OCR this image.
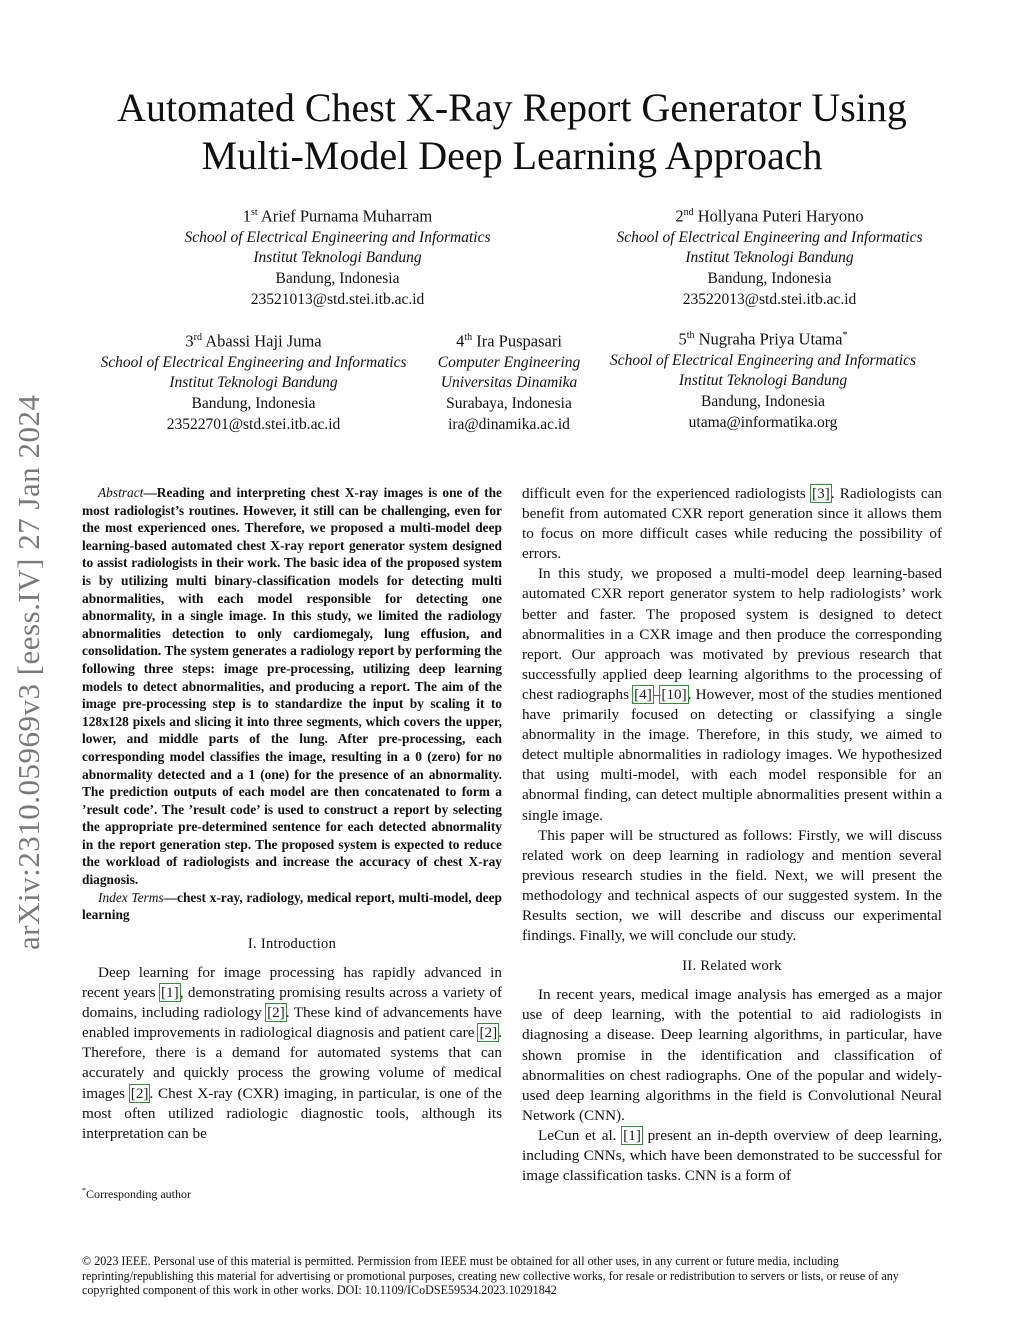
Automated Chest X-Ray Report Generator Using
Multi-Model Deep Learning Approach
arXiv:2310.05969v3 [eess.IV] 27 Jan 2024
1st Arief Purnama Muharram
School of Electrical Engineering and Informatics
Institut Teknologi Bandung
Bandung, Indonesia
23521013@std.stei.itb.ac.id
2nd Hollyana Puteri Haryono
School of Electrical Engineering and Informatics
Institut Teknologi Bandung
Bandung, Indonesia
23522013@std.stei.itb.ac.id
3rd Abassi Haji Juma
School of Electrical Engineering and Informatics
Institut Teknologi Bandung
Bandung, Indonesia
23522701@std.stei.itb.ac.id
4th Ira Puspasari
Computer Engineering
Universitas Dinamika
Surabaya, Indonesia
ira@dinamika.ac.id
5th Nugraha Priya Utama*
School of Electrical Engineering and Informatics
Institut Teknologi Bandung
Bandung, Indonesia
utama@informatika.org

Abstract—Reading and interpreting chest X-ray images is one of the most radiologist’s routines. However, it still can be challenging, even for the most experienced ones. Therefore, we proposed a multi-model deep learning-based automated chest X-ray report generator system designed to assist radiologists in their work. The basic idea of the proposed system is by utilizing multi binary-classification models for detecting multi abnormalities, with each model responsible for detecting one abnormality, in a single image. In this study, we limited the radiology abnormalities detection to only cardiomegaly, lung effusion, and consolidation. The system generates a radiology report by performing the following three steps: image pre-processing, utilizing deep learning models to detect abnormalities, and producing a report. The aim of the image pre-processing step is to standardize the input by scaling it to 128x128 pixels and slicing it into three segments, which covers the upper, lower, and middle parts of the lung. After pre-processing, each corresponding model classifies the image, resulting in a 0 (zero) for no abnormality detected and a 1 (one) for the presence of an abnormality. The prediction outputs of each model are then concatenated to form a ’result code’. The ’result code’ is used to construct a report by selecting the appropriate pre-determined sentence for each detected abnormality in the report generation step. The proposed system is expected to reduce the workload of radiologists and increase the accuracy of chest X-ray diagnosis.

Index Terms—chest x-ray, radiology, medical report, multi-model, deep learning

I. Introduction

Deep learning for image processing has rapidly advanced in recent years [1], demonstrating promising results across a variety of domains, including radiology [2]. These kind of advancements have enabled improvements in radiological diagnosis and patient care [2]. Therefore, there is a demand for automated systems that can accurately and quickly process the growing volume of medical images [2]. Chest X-ray (CXR) imaging, in particular, is one of the most often utilized radiologic diagnostic tools, although its interpretation can be

*Corresponding author

difficult even for the experienced radiologists [3]. Radiologists can benefit from automated CXR report generation since it allows them to focus on more difficult cases while reducing the possibility of errors.

In this study, we proposed a multi-model deep learning-based automated CXR report generator system to help radiologists’ work better and faster. The proposed system is designed to detect abnormalities in a CXR image and then produce the corresponding report. Our approach was motivated by previous research that successfully applied deep learning algorithms to the processing of chest radiographs [4]–[10]. However, most of the studies mentioned have primarily focused on detecting or classifying a single abnormality in the image. Therefore, in this study, we aimed to detect multiple abnormalities in radiology images. We hypothesized that using multi-model, with each model responsible for an abnormal finding, can detect multiple abnormalities present within a single image.

This paper will be structured as follows: Firstly, we will discuss related work on deep learning in radiology and mention several previous research studies in the field. Next, we will present the methodology and technical aspects of our suggested system. In the Results section, we will describe and discuss our experimental findings. Finally, we will conclude our study.

II. Related work

In recent years, medical image analysis has emerged as a major use of deep learning, with the potential to aid radiologists in diagnosing a disease. Deep learning algorithms, in particular, have shown promise in the identification and classification of abnormalities on chest radiographs. One of the popular and widely-used deep learning algorithms in the field is Convolutional Neural Network (CNN).

LeCun et al. [1] present an in-depth overview of deep learning, including CNNs, which have been demonstrated to be successful for image classification tasks. CNN is a form of

© 2023 IEEE. Personal use of this material is permitted. Permission from IEEE must be obtained for all other uses, in any current or future media, including reprinting/republishing this material for advertising or promotional purposes, creating new collective works, for resale or redistribution to servers or lists, or reuse of any copyrighted component of this work in other works. DOI: 10.1109/ICoDSE59534.2023.10291842
